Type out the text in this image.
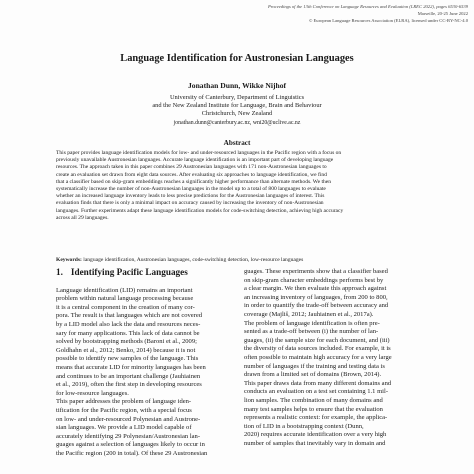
Proceedings of the 13th Conference on Language Resources and Evaluation (LREC 2022), pages 6530-6539
Marseille, 20-25 June 2022
© European Language Resources Association (ELRA), licensed under CC-BY-NC-4.0
Language Identification for Austronesian Languages
Jonathan Dunn, Wikke Nijhof
University of Canterbury, Department of Linguistics
and the New Zealand Institute for Language, Brain and Behaviour
Christchurch, New Zealand
jonathan.dunn@canterbury.ac.nz, wni20@uclive.ac.nz
Abstract
This paper provides language identification models for low- and under-resourced languages in the Pacific region with a focus on
previously unavailable Austronesian languages. Accurate language identification is an important part of developing language
resources. The approach taken in this paper combines 29 Austronesian languages with 171 non-Austronesian languages to
create an evaluation set drawn from eight data sources. After evaluating six approaches to language identification, we find
that a classifier based on skip-gram embeddings reaches a significantly higher performance than alternate methods. We then
systematically increase the number of non-Austronesian languages in the model up to a total of 800 languages to evaluate
whether an increased language inventory leads to less precise predictions for the Austronesian languages of interest. This
evaluation finds that there is only a minimal impact on accuracy caused by increasing the inventory of non-Austronesian
languages. Further experiments adapt these language identification models for code-switching detection, achieving high accuracy
across all 29 languages.
Keywords: language identification, Austronesian languages, code-switching detection, low-resource languages
1. Identifying Pacific Languages
Language identification (LID) remains an important
problem within natural language processing because
it is a central component in the creation of many cor-
pora. The result is that languages which are not covered
by a LID model also lack the data and resources neces-
sary for many applications. This lack of data cannot be
solved by bootstrapping methods (Baroni et al., 2009;
Goldhahn et al., 2012; Benko, 2014) because it is not
possible to identify new samples of the language. This
means that accurate LID for minority languages has been
and continues to be an important challenge (Jauhiainen
et al., 2019), often the first step in developing resources
for low-resource languages.
This paper addresses the problem of language iden-
tification for the Pacific region, with a special focus
on low- and under-resourced Polynesian and Austrone-
sian languages. We provide a LID model capable of
accurately identifying 29 Polynesian/Austronesian lan-
guages against a selection of languages likely to occur in
the Pacific region (200 in total). Of these 29 Austronesian
guages. These experiments show that a classifier based
on skip-gram character embeddings performs best by
a clear margin. We then evaluate this approach against
an increasing inventory of languages, from 200 to 800,
in order to quantify the trade-off between accuracy and
coverage (Majliš, 2012; Jauhiainen et al., 2017a).
The problem of language identification is often pre-
sented as a trade-off between (i) the number of lan-
guages, (ii) the sample size for each document, and (iii)
the diversity of data sources included. For example, it is
often possible to maintain high accuracy for a very large
number of languages if the training and testing data is
drawn from a limited set of domains (Brown, 2014).
This paper draws data from many different domains and
conducts an evaluation on a test set containing 1.1 mil-
lion samples. The combination of many domains and
many test samples helps to ensure that the evaluation
represents a realistic context: for example, the applica-
tion of LID in a bootstrapping context (Dunn,
2020) requires accurate identification over a very high
number of samples that inevitably vary in domain and
